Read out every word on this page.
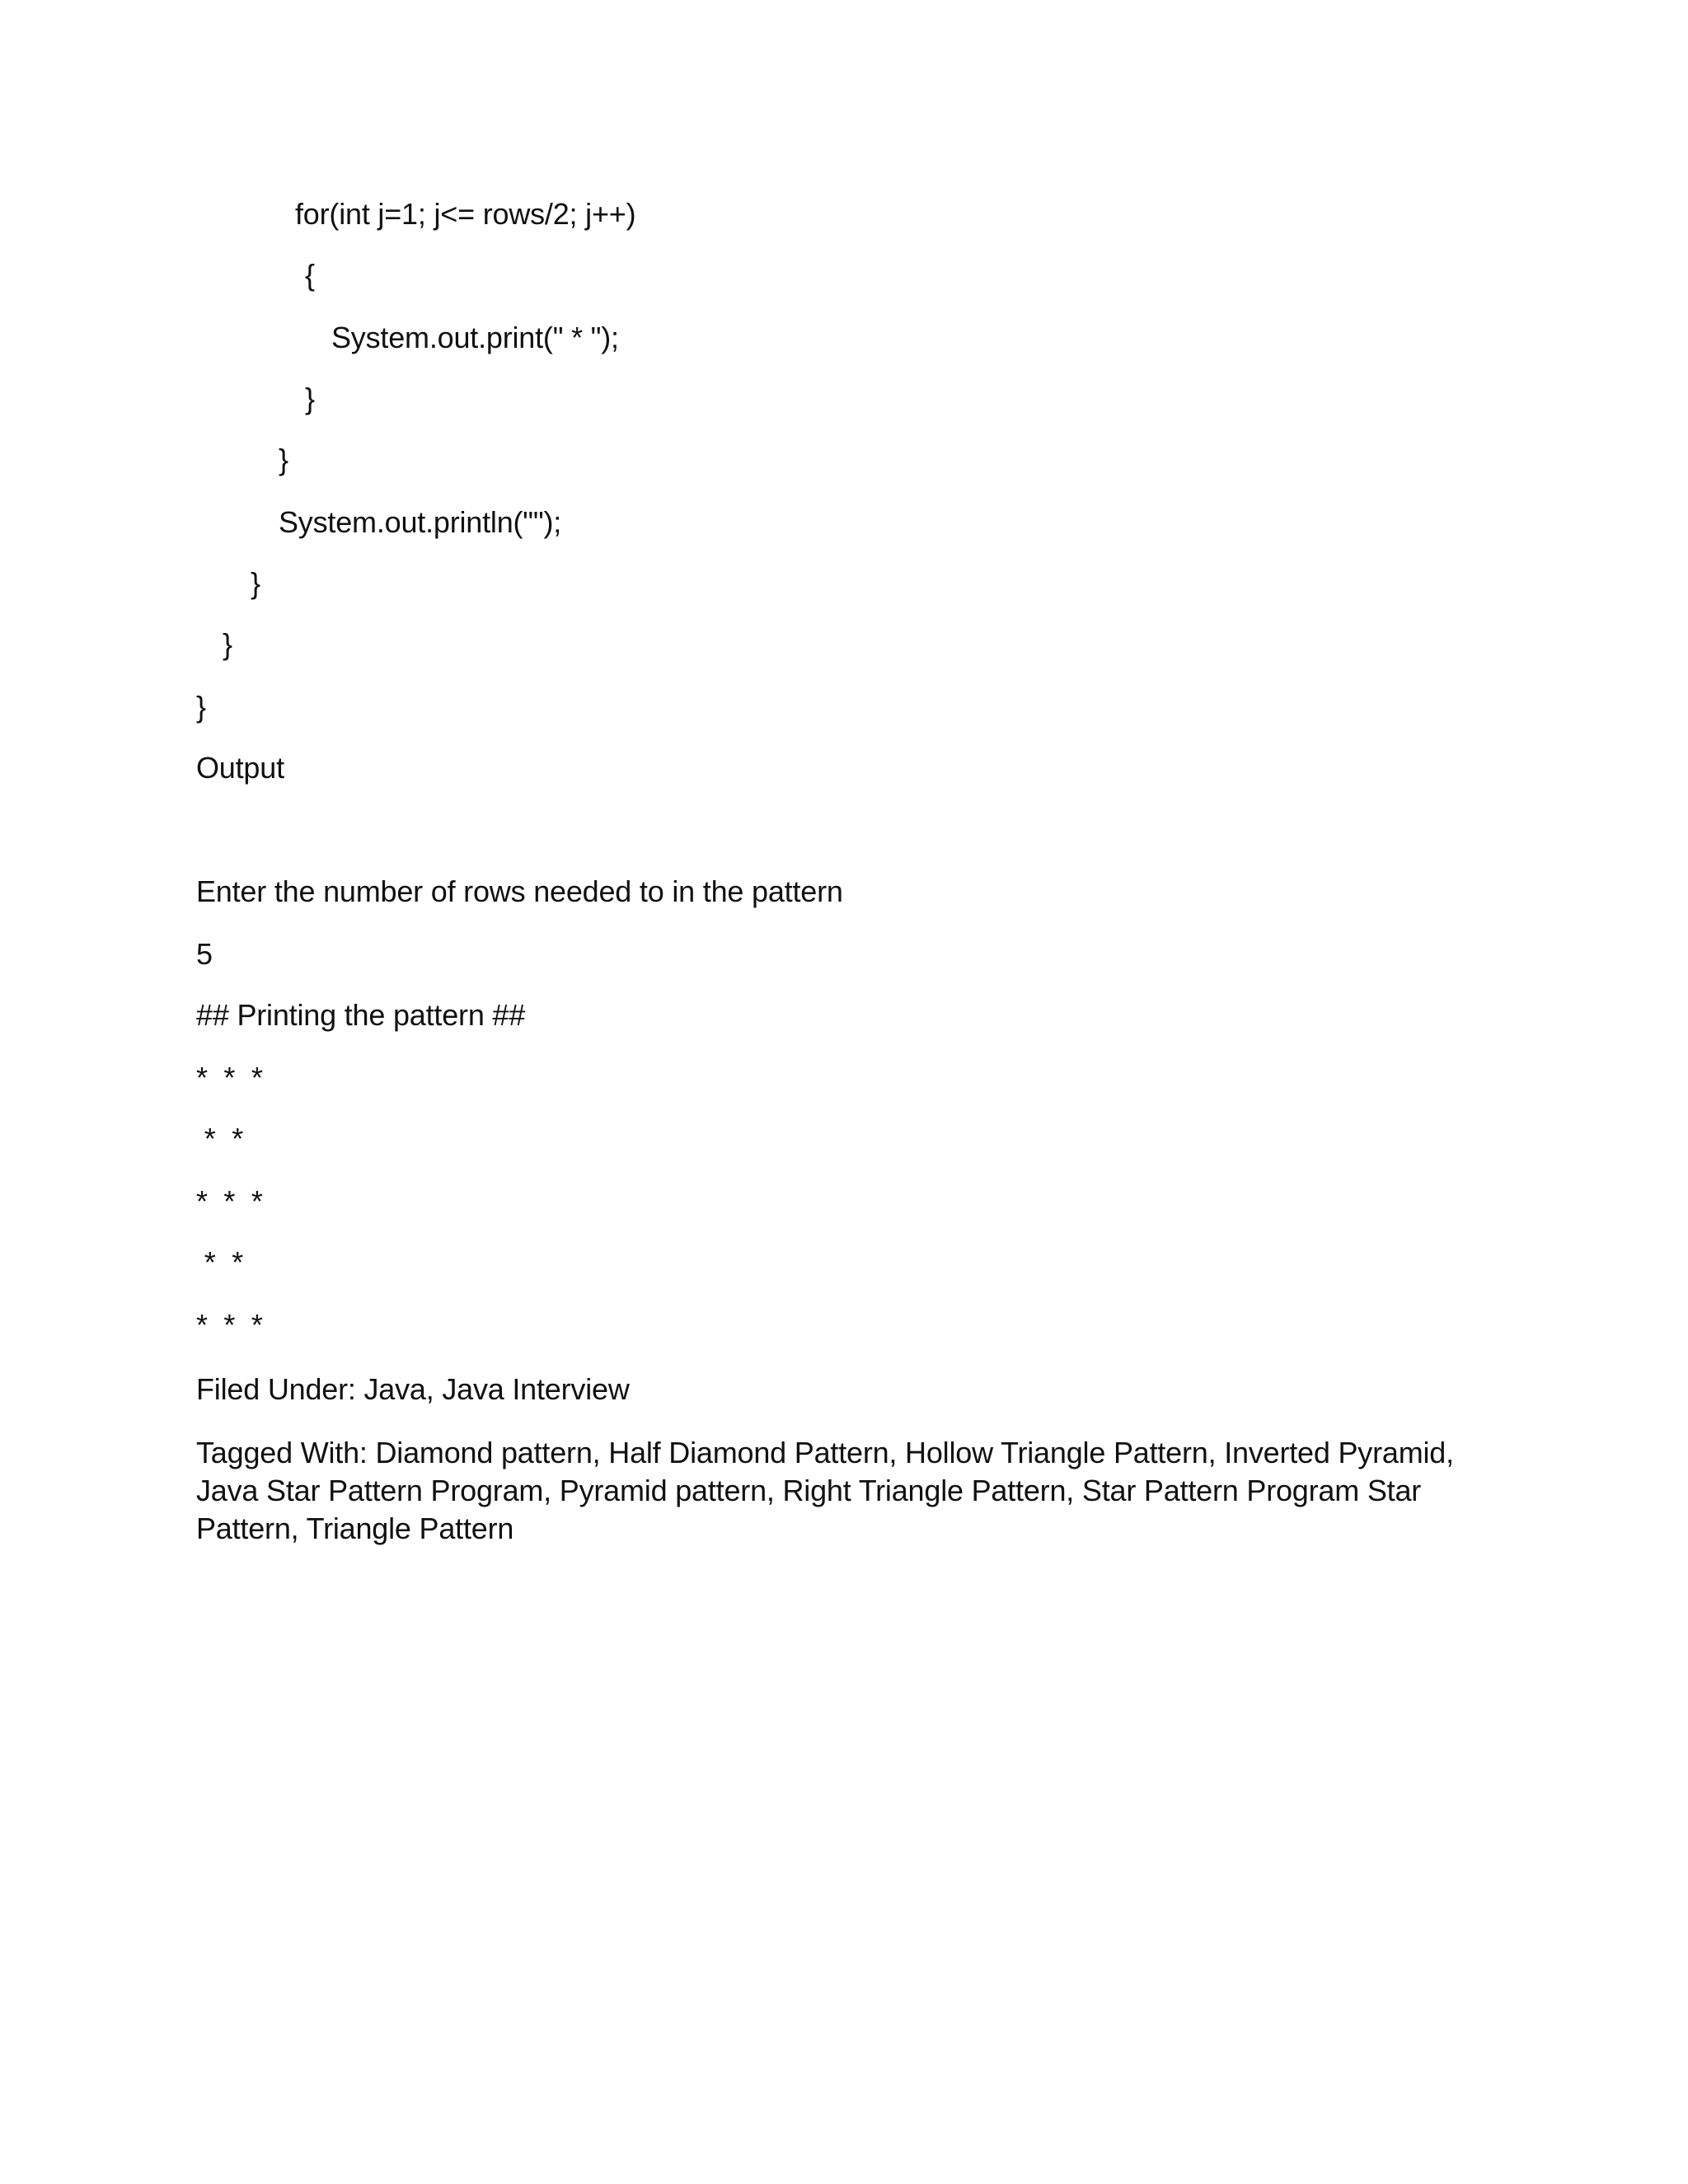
for(int j=1; j<= rows/2; j++)
{
System.out.print(" * ");
}
}
System.out.println("");
}
}
}
Output
Enter the number of rows needed to in the pattern
5
## Printing the pattern ##
*  *  *
*  *
*  *  *
*  *
*  *  *
Filed Under: Java, Java Interview
Tagged With: Diamond pattern, Half Diamond Pattern, Hollow Triangle Pattern, Inverted Pyramid, Java Star Pattern Program, Pyramid pattern, Right Triangle Pattern, Star Pattern Program Star Pattern, Triangle Pattern
